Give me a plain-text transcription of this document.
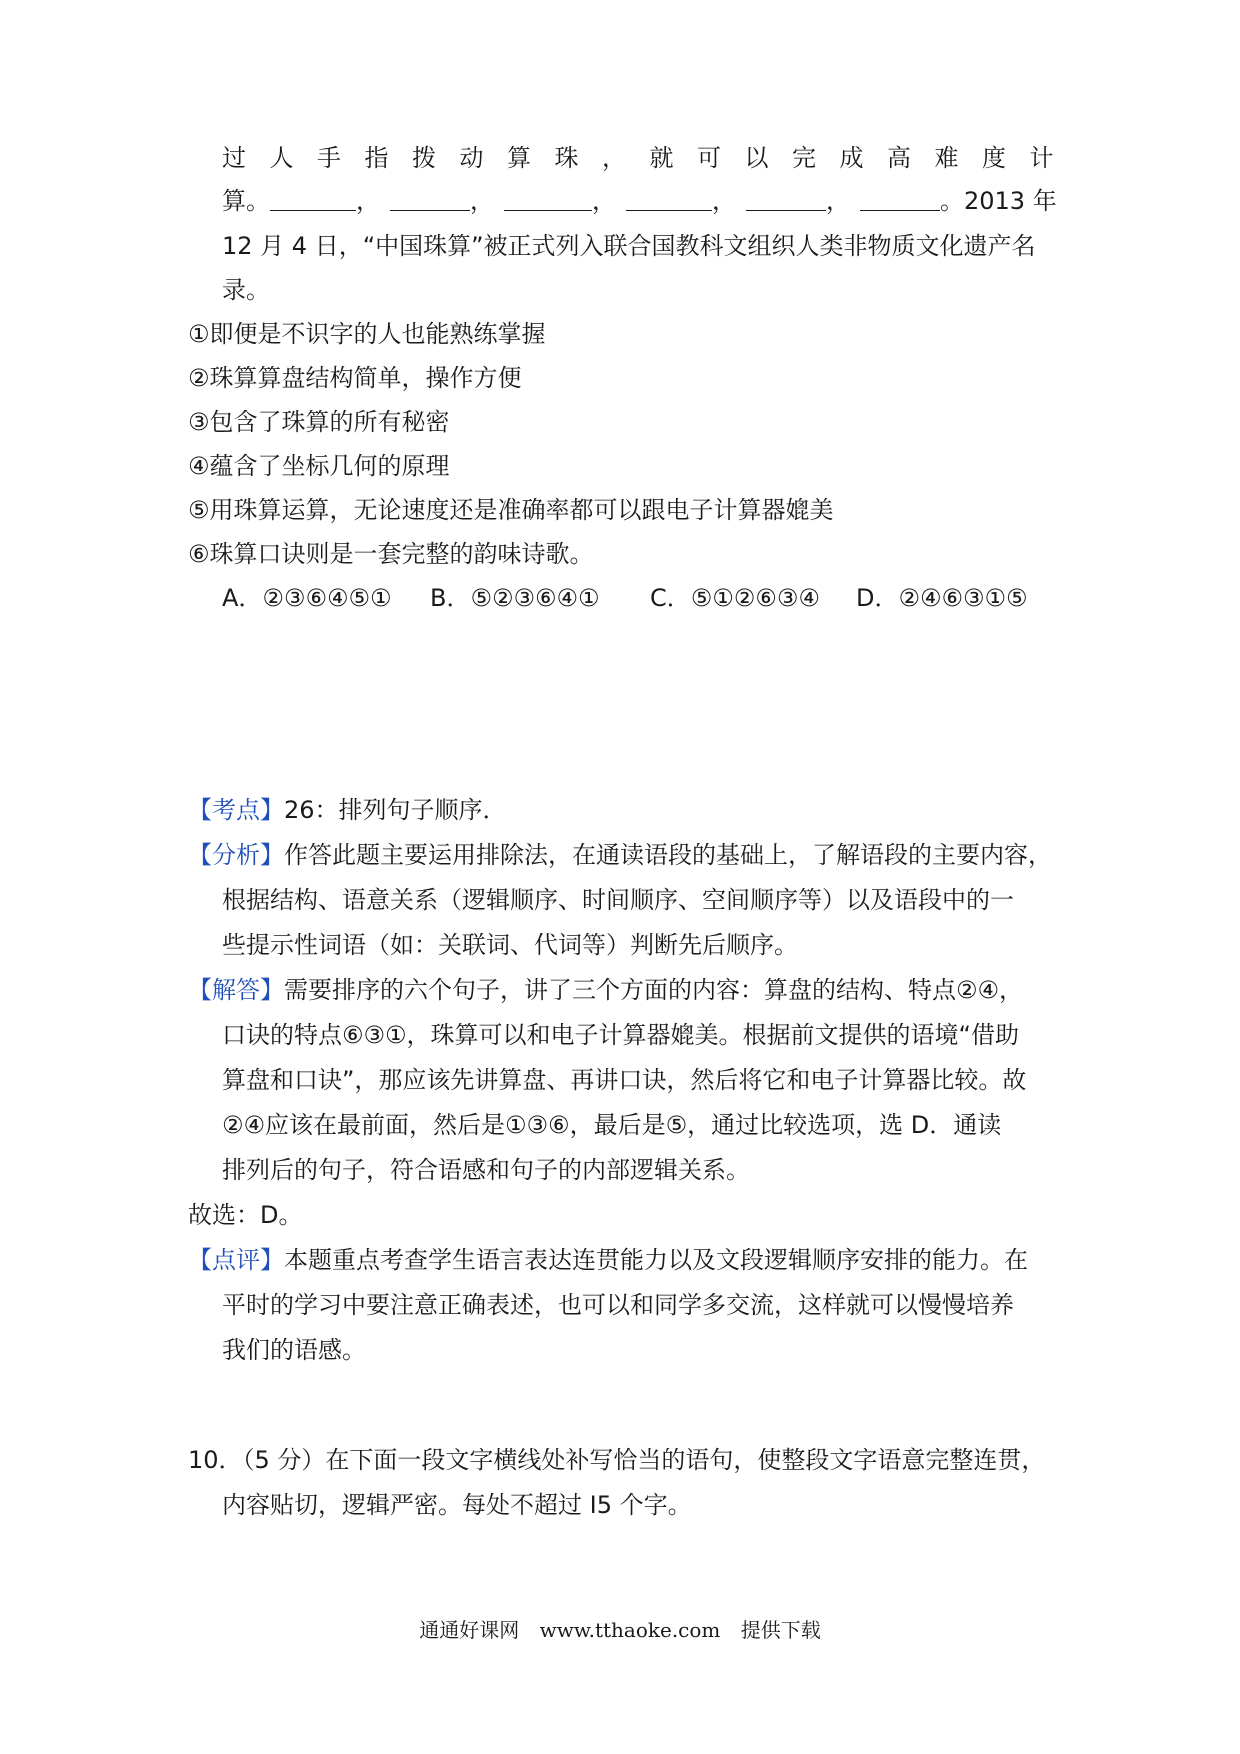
过人手指拨动算珠，就可以完成高难度计
算。	，	，	，	，	，	。2013 年
12 月 4 日，“中国珠算”被正式列入联合国教科文组织人类非物质文化遗产名
录。
①即便是不识字的人也能熟练掌握
②珠算算盘结构简单，操作方便
③包含了珠算的所有秘密
④蕴含了坐标几何的原理
⑤用珠算运算，无论速度还是准确率都可以跟电子计算器媲美
⑥珠算口诀则是一套完整的韵味诗歌。
A．②③⑥④⑤① B．⑤②③⑥④① C．⑤①②⑥③④ D．②④⑥③①⑤
【考点】26：排列句子顺序．
【分析】作答此题主要运用排除法，在通读语段的基础上，了解语段的主要内容，
根据结构、语意关系（逻辑顺序、时间顺序、空间顺序等）以及语段中的一
些提示性词语（如：关联词、代词等）判断先后顺序。
【解答】需要排序的六个句子，讲了三个方面的内容：算盘的结构、特点②④，
口诀的特点⑥③①，珠算可以和电子计算器媲美。根据前文提供的语境“借助
算盘和口诀”，那应该先讲算盘、再讲口诀，然后将它和电子计算器比较。故
②④应该在最前面，然后是①③⑥，最后是⑤，通过比较选项，选 D．通读
排列后的句子，符合语感和句子的内部逻辑关系。
故选：D。
【点评】本题重点考查学生语言表达连贯能力以及文段逻辑顺序安排的能力。在
平时的学习中要注意正确表述，也可以和同学多交流，这样就可以慢慢培养
我们的语感。
10．（5 分）在下面一段文字横线处补写恰当的语句，使整段文字语意完整连贯，
内容贴切，逻辑严密。每处不超过 I5 个字。
通通好课网 www.tthaoke.com 提供下载
